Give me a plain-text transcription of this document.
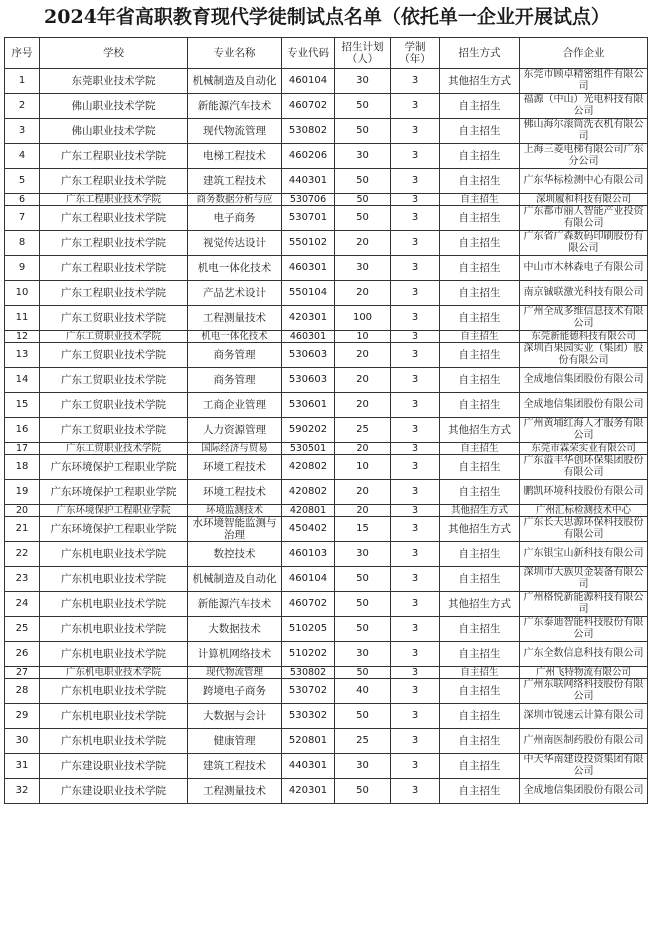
2024年省高职教育现代学徒制试点名单（依托单一企业开展试点）
序号	学校	专业名称	专业代码	招生计划（人）	学制（年）	招生方式	合作企业
1	东莞职业技术学院	机械制造及自动化	460104	30	3	其他招生方式	东莞市顾卓精密组件有限公司
2	佛山职业技术学院	新能源汽车技术	460702	50	3	自主招生	福源（中山）光电科技有限公司
3	佛山职业技术学院	现代物流管理	530802	50	3	自主招生	佛山海尔滚筒洗衣机有限公司
4	广东工程职业技术学院	电梯工程技术	460206	30	3	自主招生	上海三菱电梯有限公司广东分公司
5	广东工程职业技术学院	建筑工程技术	440301	50	3	自主招生	广东华标检测中心有限公司
6	广东工程职业技术学院	商务数据分析与应	530706	50	3	自主招生	深圳履和科技有限公司
7	广东工程职业技术学院	电子商务	530701	50	3	自主招生	广东都市丽人智能产业投资有限公司
8	广东工程职业技术学院	视觉传达设计	550102	20	3	自主招生	广东省广森数码印刷股份有限公司
9	广东工程职业技术学院	机电一体化技术	460301	30	3	自主招生	中山市木林森电子有限公司
10	广东工程职业技术学院	产品艺术设计	550104	20	3	自主招生	南京铖联激光科技有限公司
11	广东工贸职业技术学院	工程测量技术	420301	100	3	自主招生	广州全成多维信息技术有限公司
12	广东工贸职业技术学院	机电一体化技术	460301	10	3	自主招生	东莞新能德科技有限公司
13	广东工贸职业技术学院	商务管理	530603	20	3	自主招生	深圳百果园实业（集团）股份有限公司
14	广东工贸职业技术学院	商务管理	530603	20	3	自主招生	全成地信集团股份有限公司
15	广东工贸职业技术学院	工商企业管理	530601	20	3	自主招生	全成地信集团股份有限公司
16	广东工贸职业技术学院	人力资源管理	590202	25	3	其他招生方式	广州黄埔红海人才服务有限公司
17	广东工贸职业技术学院	国际经济与贸易	530501	20	3	自主招生	东莞市霖荣实业有限公司
18	广东环境保护工程职业学院	环境工程技术	420802	10	3	自主招生	广东溢丰华创环保集团股份有限公司
19	广东环境保护工程职业学院	环境工程技术	420802	20	3	自主招生	鹏凯环境科技股份有限公司
20	广东环境保护工程职业学院	环境监测技术	420801	20	3	其他招生方式	广州汇标检测技术中心
21	广东环境保护工程职业学院	水环境智能监测与治理	450402	15	3	其他招生方式	广东长天思源环保科技股份有限公司
22	广东机电职业技术学院	数控技术	460103	30	3	自主招生	广东银宝山新科技有限公司
23	广东机电职业技术学院	机械制造及自动化	460104	50	3	自主招生	深圳市大族贝金装备有限公司
24	广东机电职业技术学院	新能源汽车技术	460702	50	3	其他招生方式	广州格悦新能源科技有限公司
25	广东机电职业技术学院	大数据技术	510205	50	3	自主招生	广东泰迪智能科技股份有限公司
26	广东机电职业技术学院	计算机网络技术	510202	30	3	自主招生	广东全数信息科技有限公司
27	广东机电职业技术学院	现代物流管理	530802	50	3	自主招生	广州飞特物流有限公司
28	广东机电职业技术学院	跨境电子商务	530702	40	3	自主招生	广州东联网络科技股份有限公司
29	广东机电职业技术学院	大数据与会计	530302	50	3	自主招生	深圳市锐速云计算有限公司
30	广东机电职业技术学院	健康管理	520801	25	3	自主招生	广州南医制药股份有限公司
31	广东建设职业技术学院	建筑工程技术	440301	30	3	自主招生	中天华南建设投资集团有限公司
32	广东建设职业技术学院	工程测量技术	420301	50	3	自主招生	全成地信集团股份有限公司
